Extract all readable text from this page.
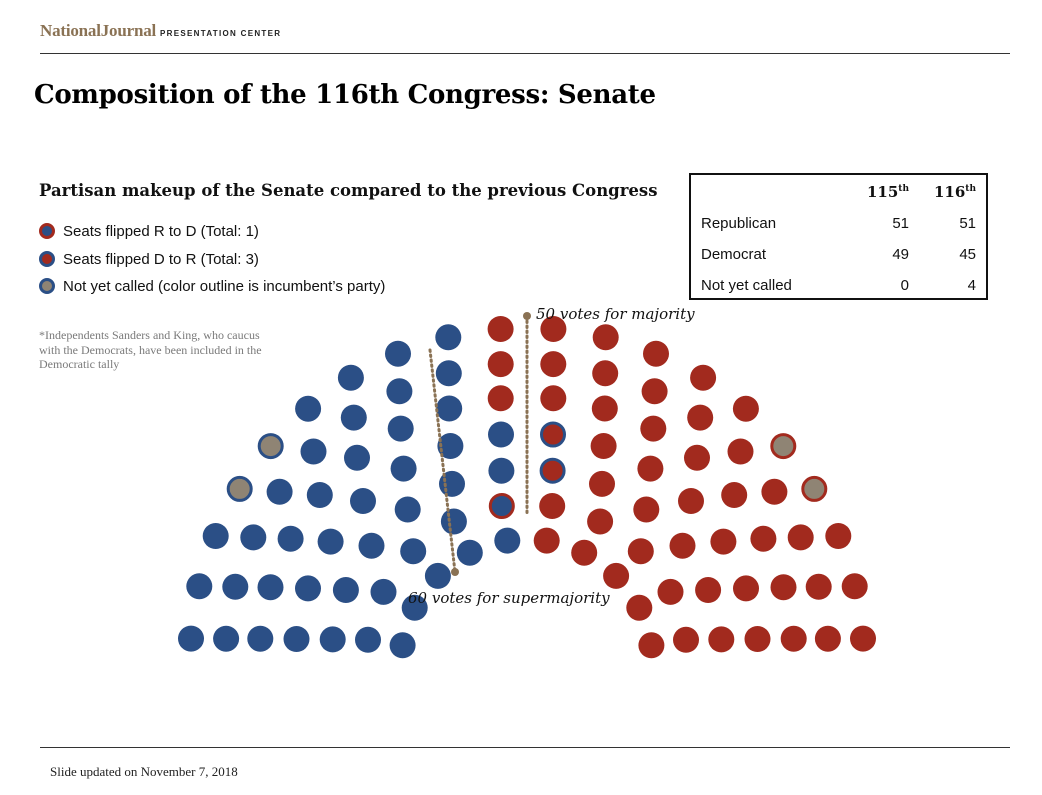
NationalJournal PRESENTATION CENTER
Composition of the 116th Congress: Senate
Partisan makeup of the Senate compared to the previous Congress
Seats flipped R to D (Total: 1)
Seats flipped D to R (Total: 3)
Not yet called (color outline is incumbent’s party)
*Independents Sanders and King, who caucus with the Democrats, have been included in the Democratic tally
	115th	116th
Republican	51	51
Democrat	49	45
Not yet called	0	4
50 votes for majority
60 votes for supermajority
Slide updated on November 7, 2018
